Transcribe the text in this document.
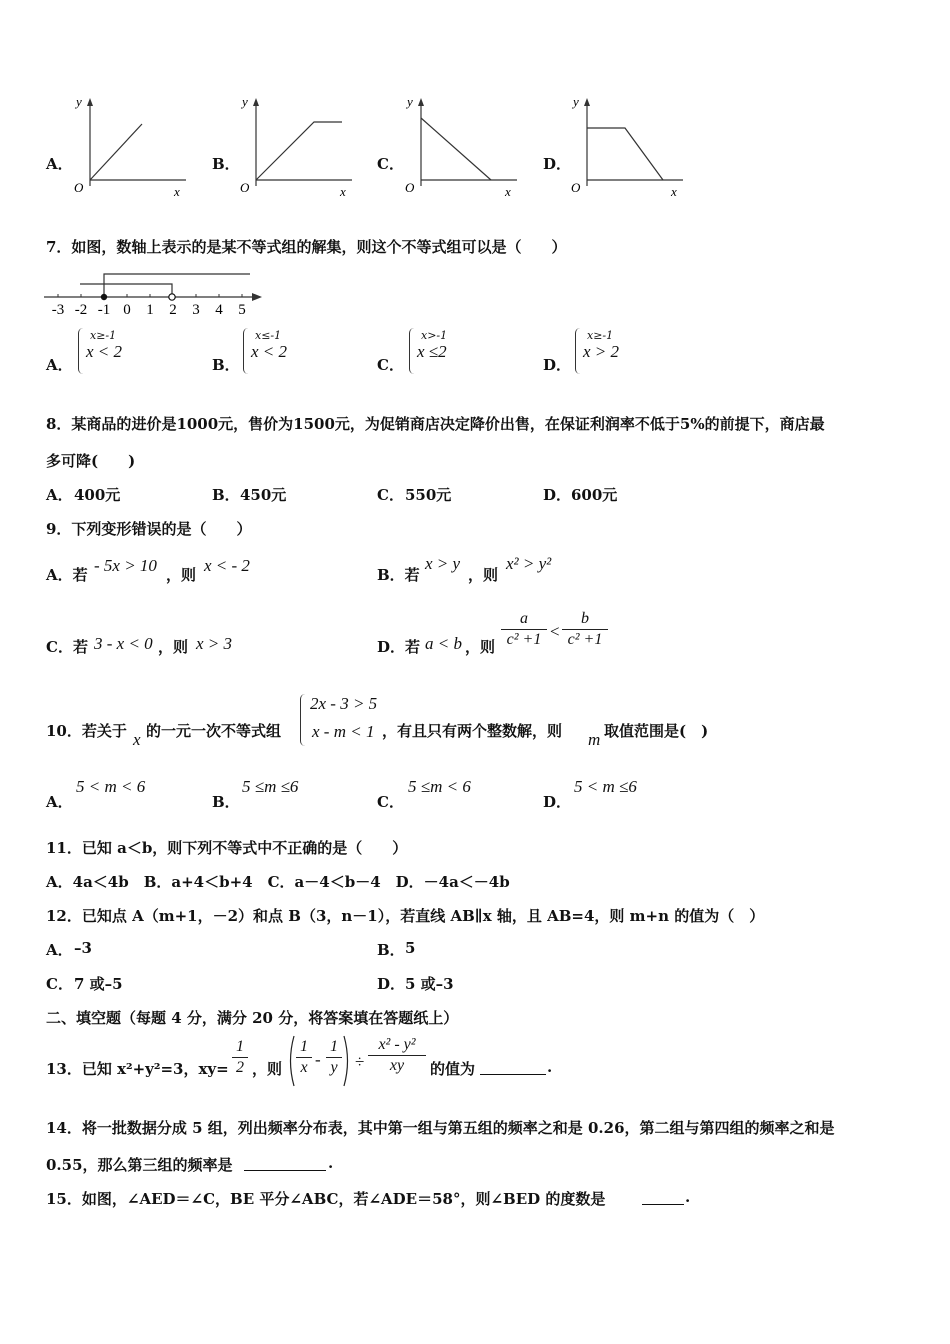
A．
y
x
O
B．
y
x
O
C．
y
x
O
D．
y
x
O
7．如图，数轴上表示的是某不等式组的解集，则这个不等式组可以是（　　）
-3 -2 -1 0 1 2 3 4 5
A．
x≥-1
x < 2
B．
x≤-1
x < 2
C．
x>-1
x ≤2
D．
x≥-1
x > 2
8．某商品的进价是1000元，售价为1500元，为促销商店决定降价出售，在保证利润率不低于5%的前提下，商店最
多可降(　　)
A． 400元	B． 450元	C． 550元	D． 600元
9．下列变形错误的是（　　）
A．若 - 5x > 10 ，则 x < - 2	B．若
x > y
，则
x² > y²
C．若 3 - x < 0 ，则 x > 3	D．若 a < b ，则
a
c² +1 <
b
c² +1
10．若关于 x 的一元一次不等式组
2x - 3 > 5
x - m < 1 ，有且只有两个整数解，则 m 取值范围是(　)
A．
5 < m < 6
B．
5 ≤m ≤6
C．
5 ≤m < 6
D．
5 < m ≤6
11．已知 a＜b，则下列不等式中不正确的是（　　）
A．4a＜4b　B．a+4＜b+4　C．a－4＜b－4　D．－4a＜－4b
12．已知点 A（m+1，－2）和点 B（3，n－1），若直线 AB∥x 轴，且 AB=4，则 m+n 的值为（　）
A． –3	B． 5
C． 7 或–5	D． 5 或–3
二、填空题（每题 4 分，满分 20 分，将答案填在答题纸上）
13．已知 x²+y²=3，xy=
1
2 ，则
1
x -
1
y ÷
x² - y²
xy	的值为	.
14．将一批数据分成 5 组，列出频率分布表，其中第一组与第五组的频率之和是 0.26，第二组与第四组的频率之和是
0.55，那么第三组的频率是	.
15．如图，∠AED＝∠C，BE 平分∠ABC，若∠ADE＝58°，则∠BED 的度数是	.
